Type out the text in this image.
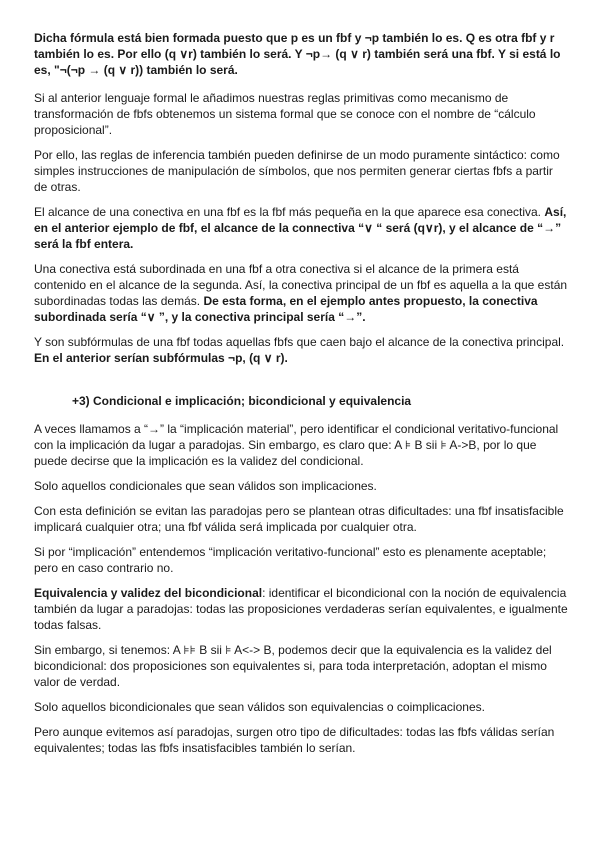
Dicha fórmula está bien formada puesto que p es un fbf y ¬p también lo es. Q es otra fbf y r también lo es. Por ello (q ∨r) también lo será. Y ¬p→ (q ∨ r) también será una fbf. Y si está lo es, "¬(¬p → (q ∨ r)) también lo será.

Si al anterior lenguaje formal le añadimos nuestras reglas primitivas como mecanismo de transformación de fbfs obtenemos un sistema formal que se conoce con el nombre de “cálculo proposicional”.

Por ello, las reglas de inferencia también pueden definirse de un modo puramente sintáctico: como simples instrucciones de manipulación de símbolos, que nos permiten generar ciertas fbfs a partir de otras.

El alcance de una conectiva en una fbf es la fbf más pequeña en la que aparece esa conectiva. Así, en el anterior ejemplo de fbf, el alcance de la connectiva “∨ “ será (q∨r), y el alcance de “→” será la fbf entera.

Una conectiva está subordinada en una fbf a otra conectiva si el alcance de la primera está contenido en el alcance de la segunda. Así, la conectiva principal de un fbf es aquella a la que están subordinadas todas las demás. De esta forma, en el ejemplo antes propuesto, la conectiva subordinada sería “∨ ”, y la conectiva principal sería “→”.

Y son subfórmulas de una fbf todas aquellas fbfs que caen bajo el alcance de la conectiva principal. En el anterior serían subfórmulas ¬p, (q ∨ r).

+3) Condicional e implicación; bicondicional y equivalencia

A veces llamamos a “→” la “implicación material”, pero identificar el condicional veritativo-funcional con la implicación da lugar a paradojas. Sin embargo, es claro que: A ⊧ B sii ⊧ A->B, por lo que puede decirse que la implicación es la validez del condicional.

Solo aquellos condicionales que sean válidos son implicaciones.

Con esta definición se evitan las paradojas pero se plantean otras dificultades: una fbf insatisfacible implicará cualquier otra; una fbf válida será implicada por cualquier otra.

Si por “implicación” entendemos “implicación veritativo-funcional” esto es plenamente aceptable; pero en caso contrario no.

Equivalencia y validez del bicondicional: identificar el bicondicional con la noción de equivalencia también da lugar a paradojas: todas las proposiciones verdaderas serían equivalentes, e igualmente todas falsas.

Sin embargo, si tenemos: A ⊧⊧ B sii ⊧ A<-> B, podemos decir que la equivalencia es la validez del bicondicional: dos proposiciones son equivalentes si, para toda interpretación, adoptan el mismo valor de verdad.

Solo aquellos bicondicionales que sean válidos son equivalencias o coimplicaciones.

Pero aunque evitemos así paradojas, surgen otro tipo de dificultades: todas las fbfs válidas serían equivalentes; todas las fbfs insatisfacibles también lo serían.
